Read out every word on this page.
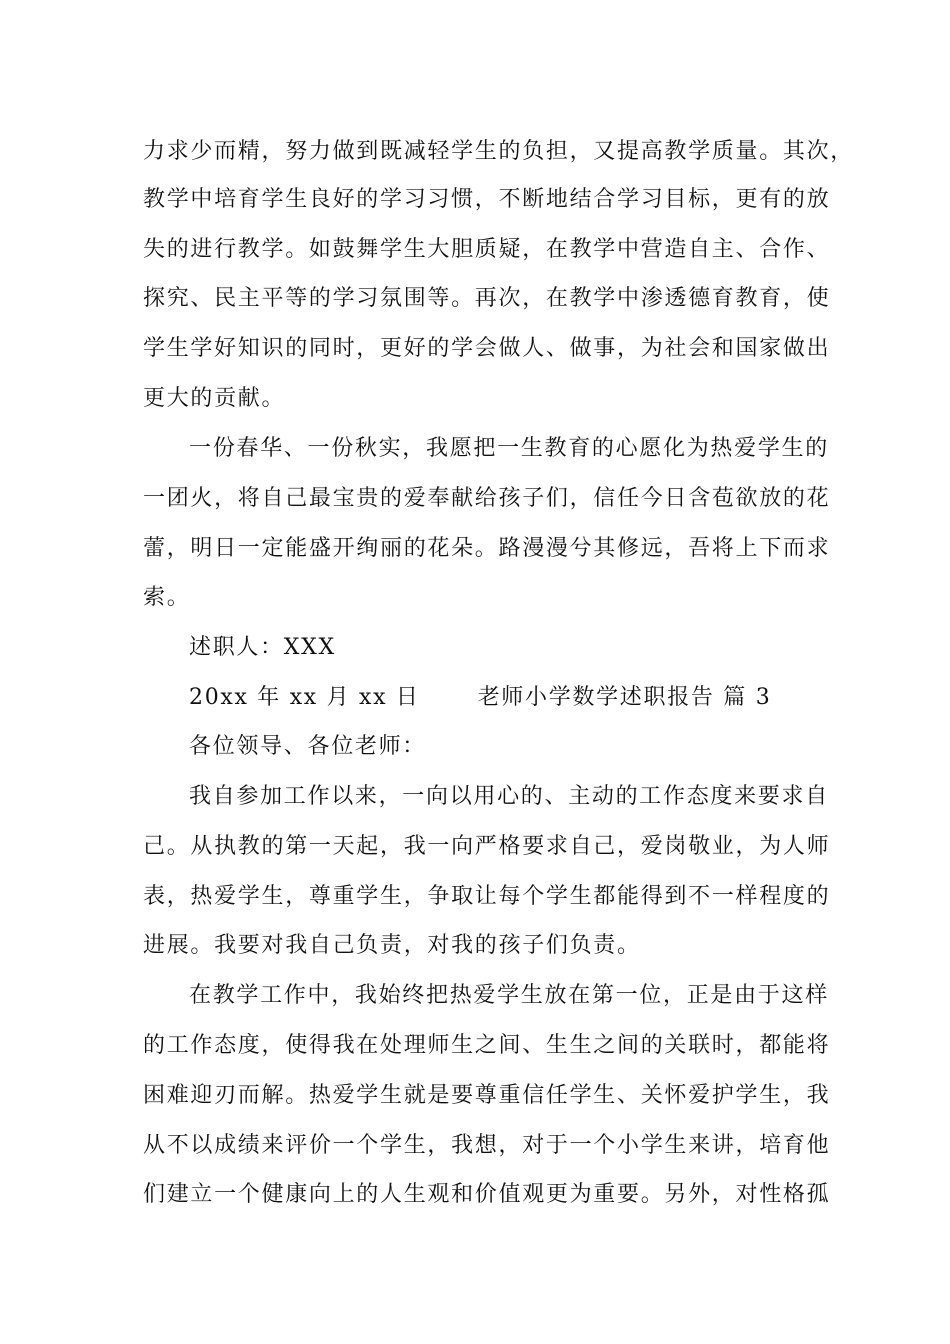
力求少而精，努力做到既减轻学生的负担，又提高教学质量。其次，
教学中培育学生良好的学习习惯，不断地结合学习目标，更有的放
失的进行教学。如鼓舞学生大胆质疑，在教学中营造自主、合作、
探究、民主平等的学习氛围等。再次，在教学中渗透德育教育，使
学生学好知识的同时，更好的学会做人、做事，为社会和国家做出
更大的贡献。
一份春华、一份秋实，我愿把一生教育的心愿化为热爱学生的
一团火，将自己最宝贵的爱奉献给孩子们，信任今日含苞欲放的花
蕾，明日一定能盛开绚丽的花朵。路漫漫兮其修远，吾将上下而求
索。
述职人：XXX
20xx 年 xx 月 xx 日	老师小学数学述职报告 篇 3
各位领导、各位老师：
我自参加工作以来，一向以用心的、主动的工作态度来要求自
己。从执教的第一天起，我一向严格要求自己，爱岗敬业，为人师
表，热爱学生，尊重学生，争取让每个学生都能得到不一样程度的
进展。我要对我自己负责，对我的孩子们负责。
在教学工作中，我始终把热爱学生放在第一位，正是由于这样
的工作态度，使得我在处理师生之间、生生之间的关联时，都能将
困难迎刃而解。热爱学生就是要尊重信任学生、关怀爱护学生，我
从不以成绩来评价一个学生，我想，对于一个小学生来讲，培育他
们建立一个健康向上的人生观和价值观更为重要。另外，对性格孤
